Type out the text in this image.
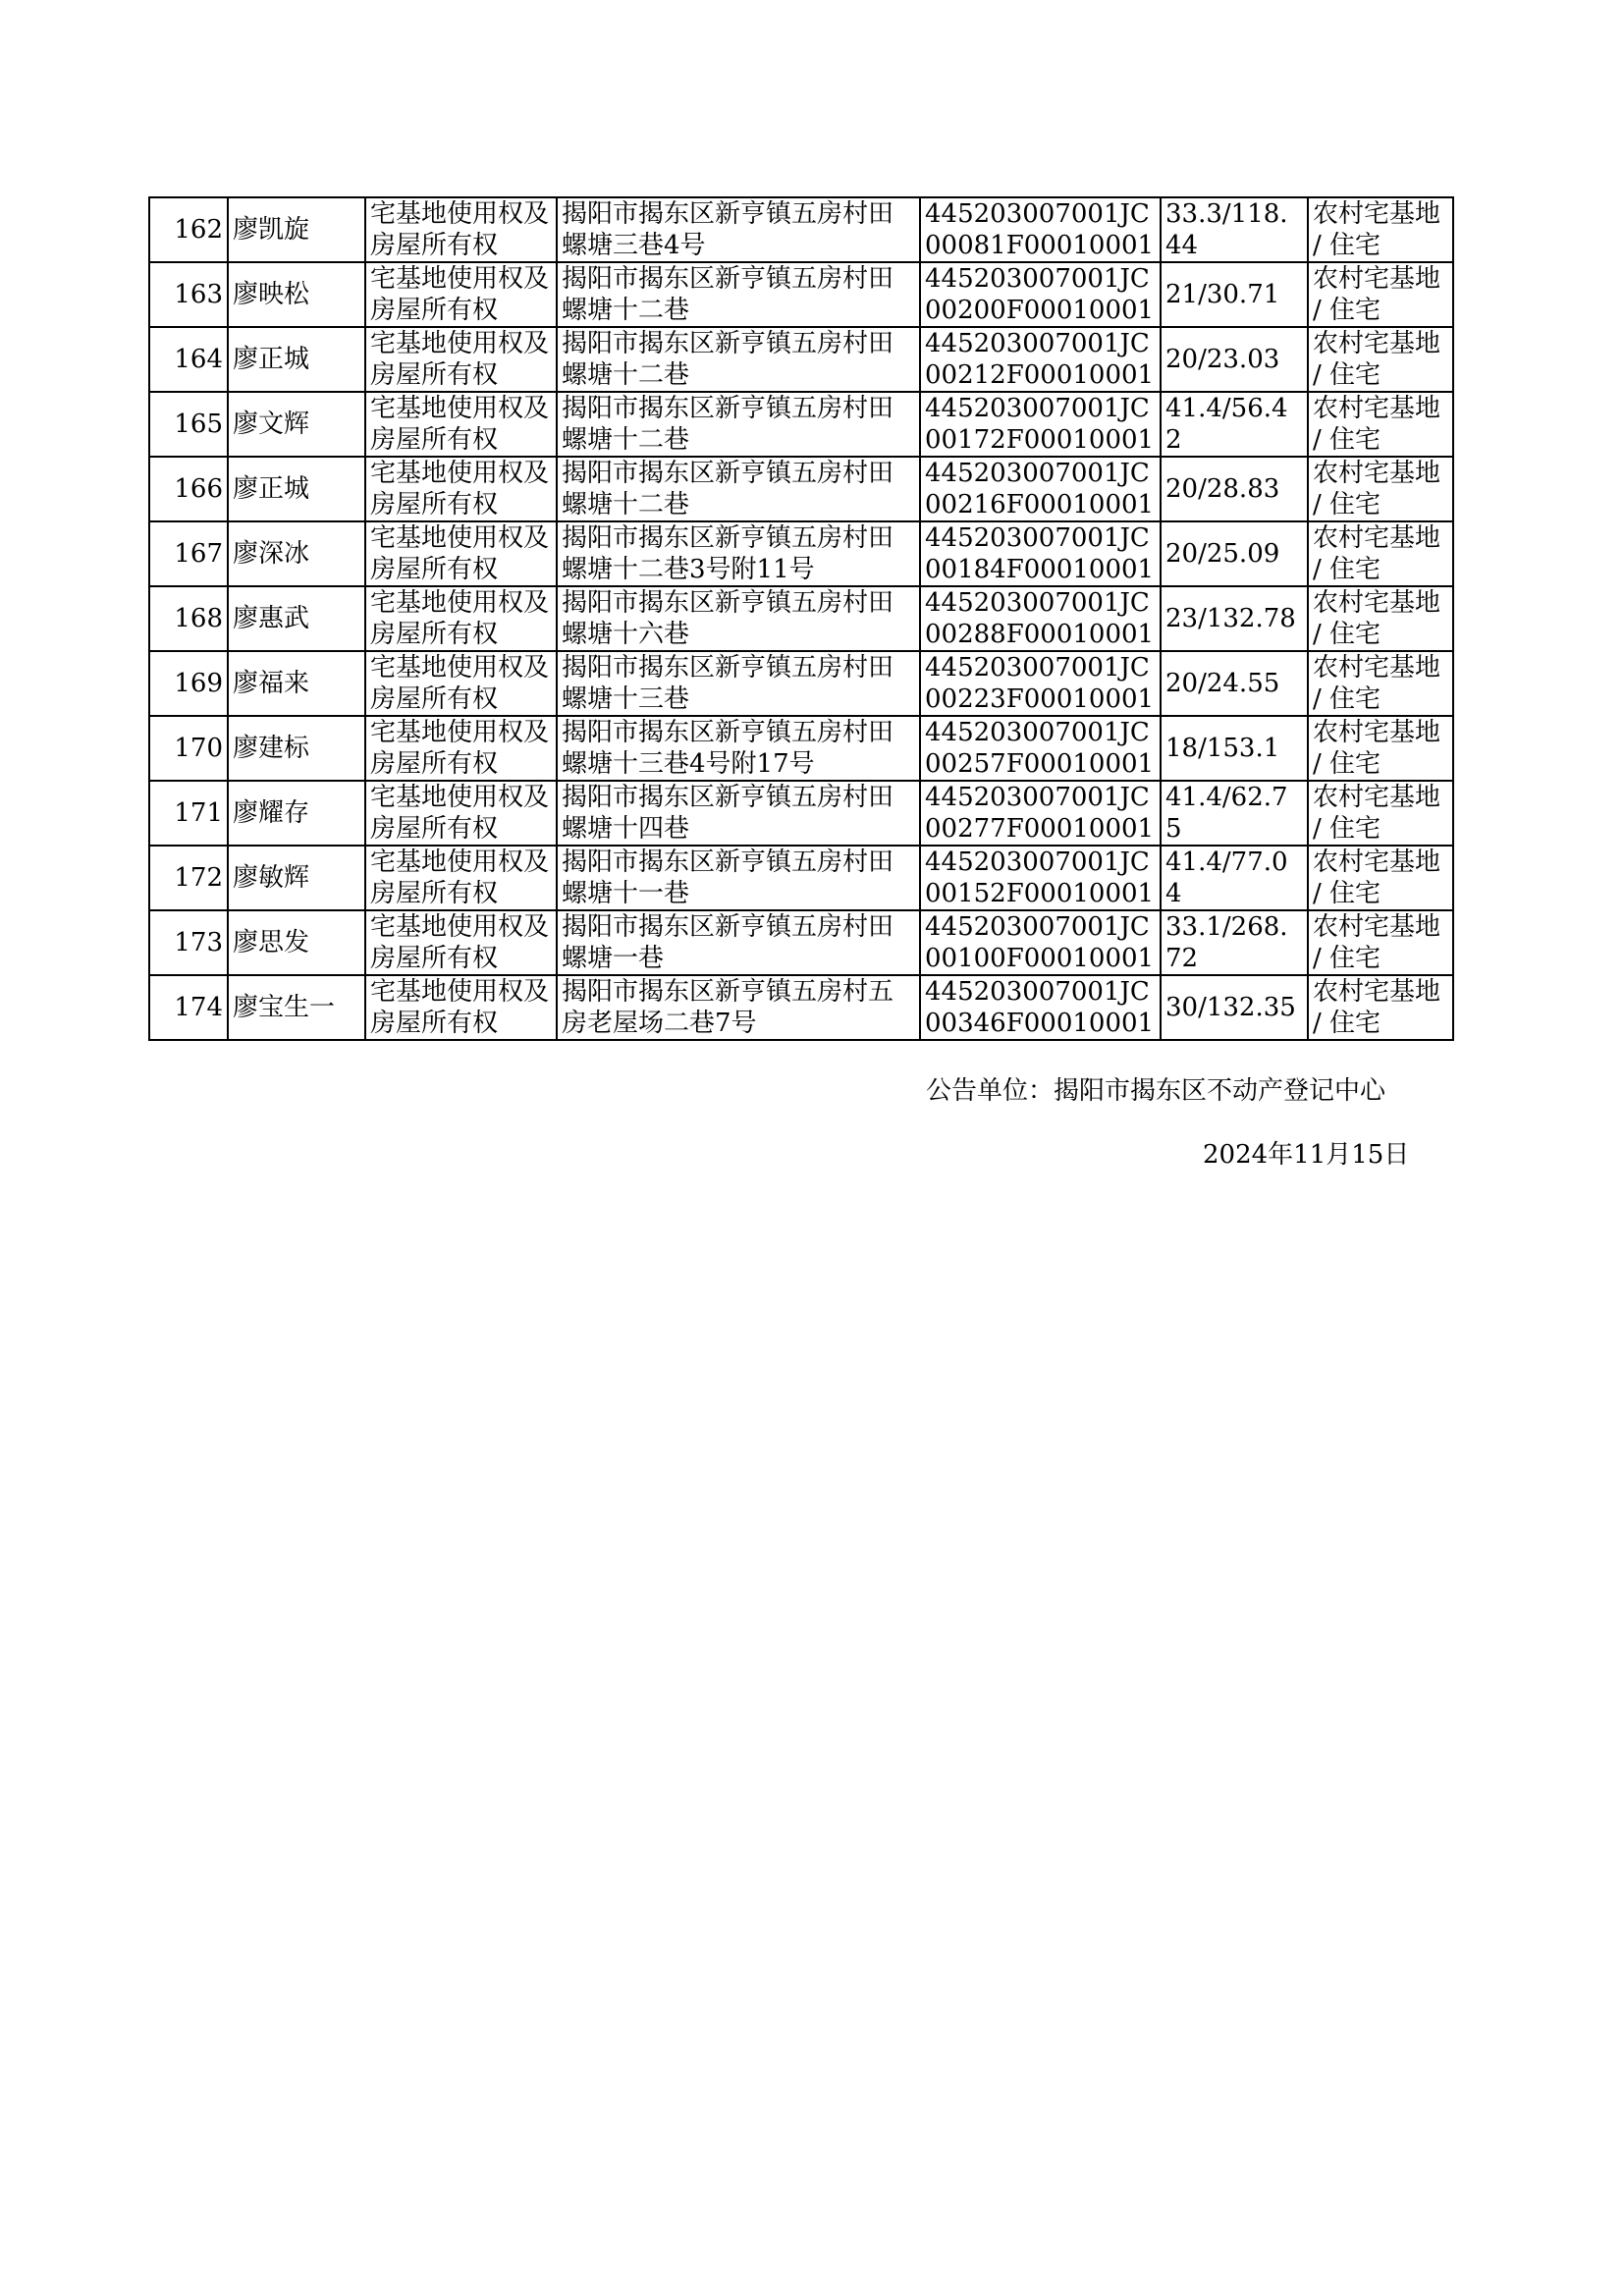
162	廖凯旋	宅基地使用权及房屋所有权	揭阳市揭东区新亨镇五房村田螺塘三巷4号	445203007001JC00081F00010001	33.3/118.44	农村宅基地 / 住宅
163	廖映松	宅基地使用权及房屋所有权	揭阳市揭东区新亨镇五房村田螺塘十二巷	445203007001JC00200F00010001	21/30.71	农村宅基地 / 住宅
164	廖正城	宅基地使用权及房屋所有权	揭阳市揭东区新亨镇五房村田螺塘十二巷	445203007001JC00212F00010001	20/23.03	农村宅基地 / 住宅
165	廖文辉	宅基地使用权及房屋所有权	揭阳市揭东区新亨镇五房村田螺塘十二巷	445203007001JC00172F00010001	41.4/56.42	农村宅基地 / 住宅
166	廖正城	宅基地使用权及房屋所有权	揭阳市揭东区新亨镇五房村田螺塘十二巷	445203007001JC00216F00010001	20/28.83	农村宅基地 / 住宅
167	廖深冰	宅基地使用权及房屋所有权	揭阳市揭东区新亨镇五房村田螺塘十二巷3号附11号	445203007001JC00184F00010001	20/25.09	农村宅基地 / 住宅
168	廖惠武	宅基地使用权及房屋所有权	揭阳市揭东区新亨镇五房村田螺塘十六巷	445203007001JC00288F00010001	23/132.78	农村宅基地 / 住宅
169	廖福来	宅基地使用权及房屋所有权	揭阳市揭东区新亨镇五房村田螺塘十三巷	445203007001JC00223F00010001	20/24.55	农村宅基地 / 住宅
170	廖建标	宅基地使用权及房屋所有权	揭阳市揭东区新亨镇五房村田螺塘十三巷4号附17号	445203007001JC00257F00010001	18/153.1	农村宅基地 / 住宅
171	廖耀存	宅基地使用权及房屋所有权	揭阳市揭东区新亨镇五房村田螺塘十四巷	445203007001JC00277F00010001	41.4/62.75	农村宅基地 / 住宅
172	廖敏辉	宅基地使用权及房屋所有权	揭阳市揭东区新亨镇五房村田螺塘十一巷	445203007001JC00152F00010001	41.4/77.04	农村宅基地 / 住宅
173	廖思发	宅基地使用权及房屋所有权	揭阳市揭东区新亨镇五房村田螺塘一巷	445203007001JC00100F00010001	33.1/268.72	农村宅基地 / 住宅
174	廖宝生一	宅基地使用权及房屋所有权	揭阳市揭东区新亨镇五房村五房老屋场二巷7号	445203007001JC00346F00010001	30/132.35	农村宅基地 / 住宅
公告单位：揭阳市揭东区不动产登记中心
2024年11月15日
